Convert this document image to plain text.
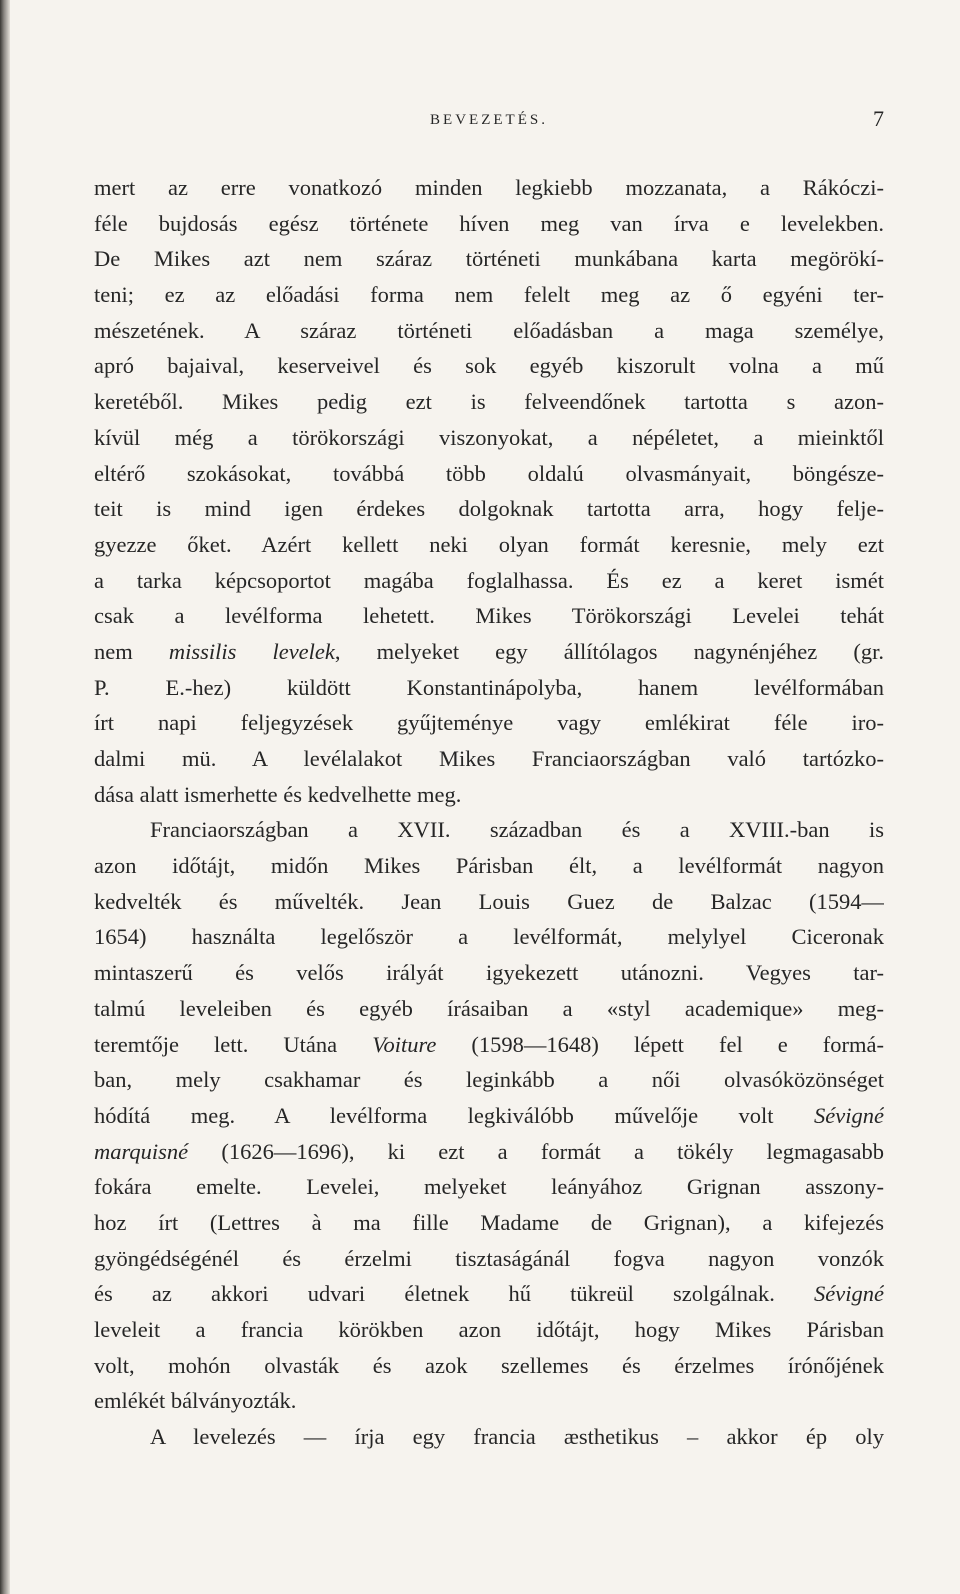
BEVEZETÉS.	7
mert az erre vonatkozó minden legkiebb mozzanata, a Rákóczi-
féle bujdosás egész története híven meg van írva e levelekben.
De Mikes azt nem száraz történeti munkábana karta megörökí-
teni; ez az előadási forma nem felelt meg az ő egyéni ter-
mészetének. A száraz történeti előadásban a maga személye,
apró bajaival, keserveivel és sok egyéb kiszorult volna a mű
keretéből. Mikes pedig ezt is felveendőnek tartotta s azon-
kívül még a törökországi viszonyokat, a népéletet, a mieinktől
eltérő szokásokat, továbbá több oldalú olvasmányait, böngésze-
teit is mind igen érdekes dolgoknak tartotta arra, hogy felje-
gyezze őket. Azért kellett neki olyan formát keresnie, mely ezt
a tarka képcsoportot magába foglalhassa. És ez a keret ismét
csak a levélforma lehetett. Mikes Törökországi Levelei tehát
nem missilis levelek, melyeket egy állítólagos nagynénjéhez (gr.
P. E.-hez) küldött Konstantinápolyba, hanem levélformában
írt napi feljegyzések gyűjteménye vagy emlékirat féle iro-
dalmi mü. A levélalakot Mikes Franciaországban való tartózko-
dása alatt ismerhette és kedvelhette meg.
Franciaországban a XVII. században és a XVIII.-ban is
azon időtájt, midőn Mikes Párisban élt, a levélformát nagyon
kedvelték és művelték. Jean Louis Guez de Balzac (1594—
1654) használta legelőször a levélformát, melylyel Ciceronak
mintaszerű és velős irályát igyekezett utánozni. Vegyes tar-
talmú leveleiben és egyéb írásaiban a «styl academique» meg-
teremtője lett. Utána Voiture (1598—1648) lépett fel e formá-
ban, mely csakhamar és leginkább a női olvasóközönséget
hódítá meg. A levélforma legkiválóbb művelője volt Sévigné
marquisné (1626—1696), ki ezt a formát a tökély legmagasabb
fokára emelte. Levelei, melyeket leányához Grignan asszony-
hoz írt (Lettres à ma fille Madame de Grignan), a kifejezés
gyöngédségénél és érzelmi tisztaságánál fogva nagyon vonzók
és az akkori udvari életnek hű tükreül szolgálnak. Sévigné
leveleit a francia körökben azon időtájt, hogy Mikes Párisban
volt, mohón olvasták és azok szellemes és érzelmes írónőjének
emlékét bálványozták.
A levelezés — írja egy francia æsthetikus – akkor ép oly
